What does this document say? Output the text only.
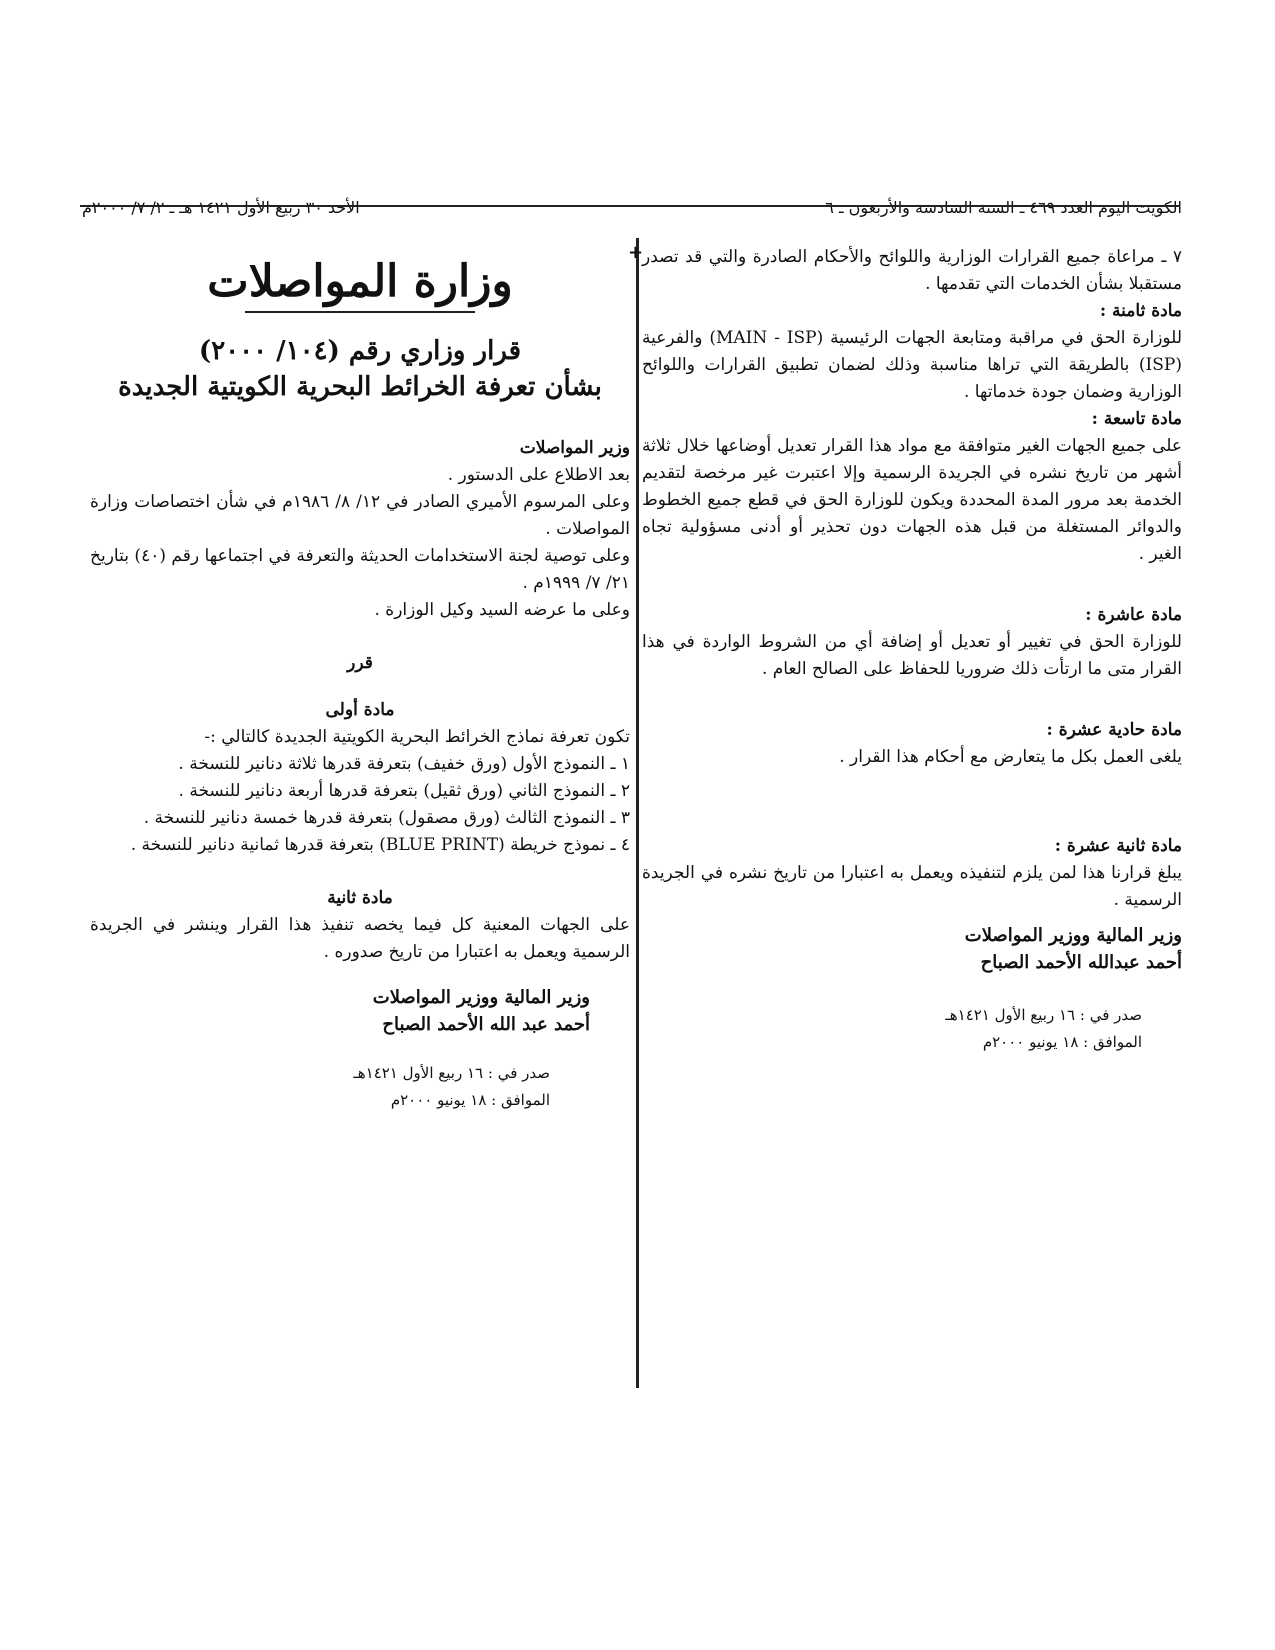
الكويت اليوم العدد ٤٦٩ ـ السنة السادسة والأربعون ـ ٦
الأحد ٣٠ ربيع الأول ١٤٢١ هـ ـ ٢/ ٧/ ٢٠٠٠م
+

٧ ـ مراعاة جميع القرارات الوزارية واللوائح والأحكام الصادرة والتي قد تصدر مستقبلا بشأن الخدمات التي تقدمها .

مادة ثامنة :

للوزارة الحق في مراقبة ومتابعة الجهات الرئيسية (MAIN - ISP) والفرعية (ISP) بالطريقة التي تراها مناسبة وذلك لضمان تطبيق القرارات واللوائح الوزارية وضمان جودة خدماتها .

مادة تاسعة :

على جميع الجهات الغير متوافقة مع مواد هذا القرار تعديل أوضاعها خلال ثلاثة أشهر من تاريخ نشره في الجريدة الرسمية وإلا اعتبرت غير مرخصة لتقديم الخدمة بعد مرور المدة المحددة ويكون للوزارة الحق في قطع جميع الخطوط والدوائر المستغلة من قبل هذه الجهات دون تحذير أو أدنى مسؤولية تجاه الغير .

مادة عاشرة :

للوزارة الحق في تغيير أو تعديل أو إضافة أي من الشروط الواردة في هذا القرار متى ما ارتأت ذلك ضروريا للحفاظ على الصالح العام .

مادة حادية عشرة :

يلغى العمل بكل ما يتعارض مع أحكام هذا القرار .

مادة ثانية عشرة :

يبلغ قرارنا هذا لمن يلزم لتنفيذه ويعمل به اعتبارا من تاريخ نشره في الجريدة الرسمية .

وزير المالية ووزير المواصلات

أحمد عبدالله الأحمد الصباح

صدر في : ١٦ ربيع الأول ١٤٢١هـ

الموافق : ١٨ يونيو ٢٠٠٠م

وزارة المواصلات

قرار وزاري رقم (١٠٤/ ٢٠٠٠)

بشأن تعرفة الخرائط البحرية الكويتية الجديدة

وزير المواصلات

بعد الاطلاع على الدستور .

وعلى المرسوم الأميري الصادر في ١٢/ ٨/ ١٩٨٦م في شأن اختصاصات وزارة المواصلات .

وعلى توصية لجنة الاستخدامات الحديثة والتعرفة في اجتماعها رقم (٤٠) بتاريخ ٢١/ ٧/ ١٩٩٩م .

وعلى ما عرضه السيد وكيل الوزارة .

قرر

مادة أولى

تكون تعرفة نماذج الخرائط البحرية الكويتية الجديدة كالتالي :-

١ ـ النموذج الأول (ورق خفيف) بتعرفة قدرها ثلاثة دنانير للنسخة .

٢ ـ النموذج الثاني (ورق ثقيل) بتعرفة قدرها أربعة دنانير للنسخة .

٣ ـ النموذج الثالث (ورق مصقول) بتعرفة قدرها خمسة دنانير للنسخة .

٤ ـ نموذج خريطة (BLUE PRINT) بتعرفة قدرها ثمانية دنانير للنسخة .

مادة ثانية

على الجهات المعنية كل فيما يخصه تنفيذ هذا القرار وينشر في الجريدة الرسمية ويعمل به اعتبارا من تاريخ صدوره .

وزير المالية ووزير المواصلات

أحمد عبد الله الأحمد الصباح

صدر في : ١٦ ربيع الأول ١٤٢١هـ

الموافق : ١٨ يونيو ٢٠٠٠م
